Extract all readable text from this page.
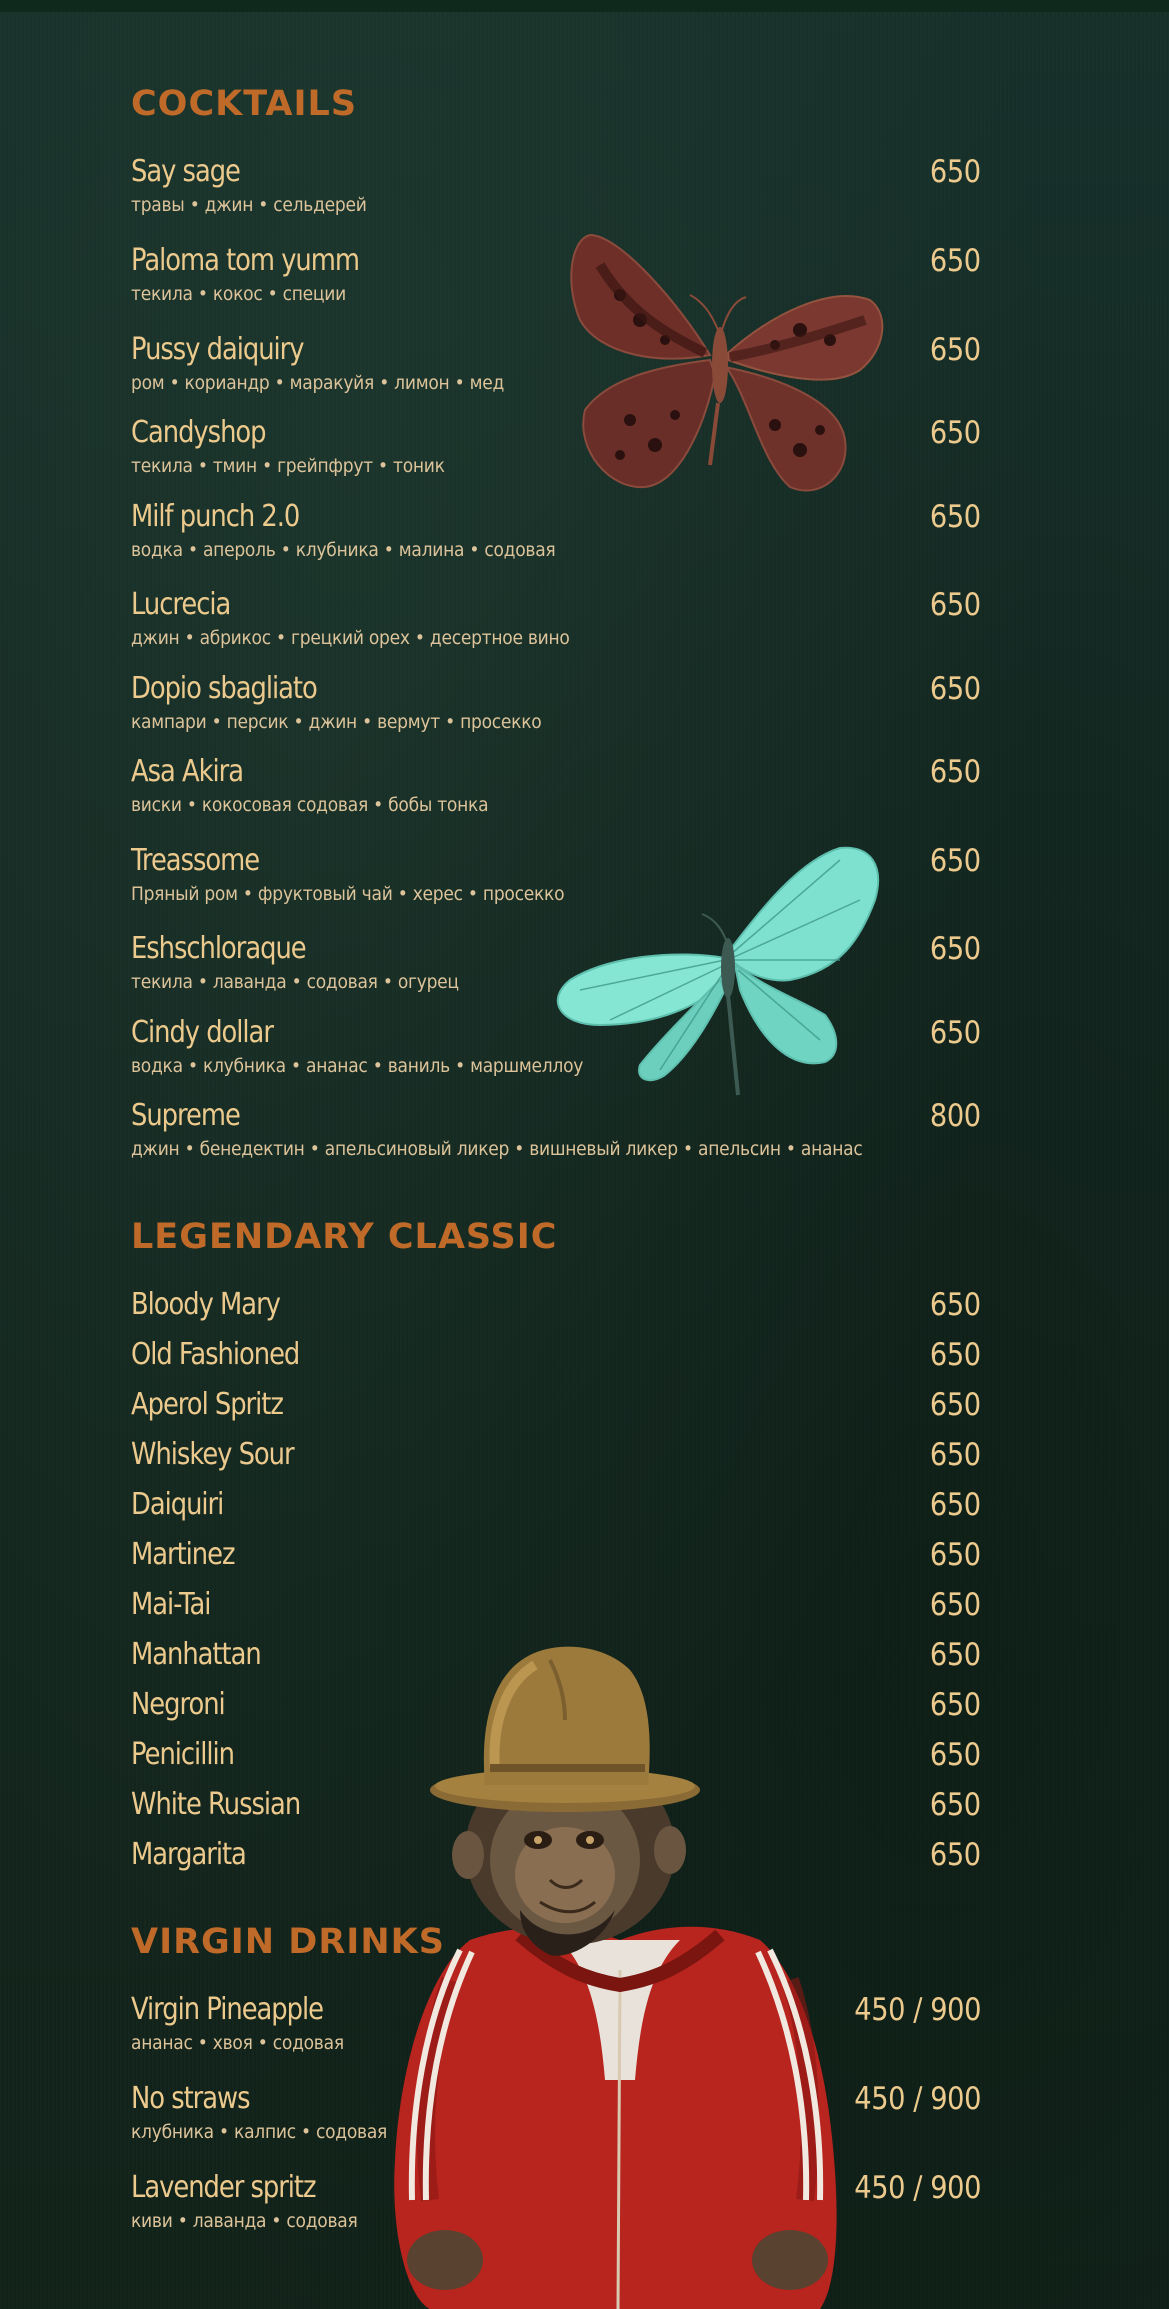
COCKTAILS
Say sage	650
травы • джин • сельдерей
Paloma tom yumm	650
текила • кокос • специи
Pussy daiquiry	650
ром • кориандр • маракуйя • лимон • мед
Candyshop	650
текила • тмин • грейпфрут • тоник
Milf punch 2.0	650
водка • апероль • клубника • малина • содовая
Lucrecia	650
джин • абрикос • грецкий орех • десертное вино
Dopio sbagliato	650
кампари • персик • джин • вермут • просекко
Asa Akira	650
виски • кокосовая содовая • бобы тонка
Treassome	650
Пряный ром • фруктовый чай • херес • просекко
Eshschloraque	650
текила • лаванда • содовая • огурец
Cindy dollar	650
водка • клубника • ананас • ваниль • маршмеллоу
Supreme	800
джин • бенедектин • апельсиновый ликер • вишневый ликер • апельсин • ананас
LEGENDARY CLASSIC
Bloody Mary	650
Old Fashioned	650
Aperol Spritz	650
Whiskey Sour	650
Daiquiri	650
Martinez	650
Mai-Tai	650
Manhattan	650
Negroni	650
Penicillin	650
White Russian	650
Margarita	650
VIRGIN DRINKS
Virgin Pineapple	450 / 900
ананас • хвоя • содовая
No straws	450 / 900
клубника • калпис • содовая
Lavender spritz	450 / 900
киви • лаванда • содовая
